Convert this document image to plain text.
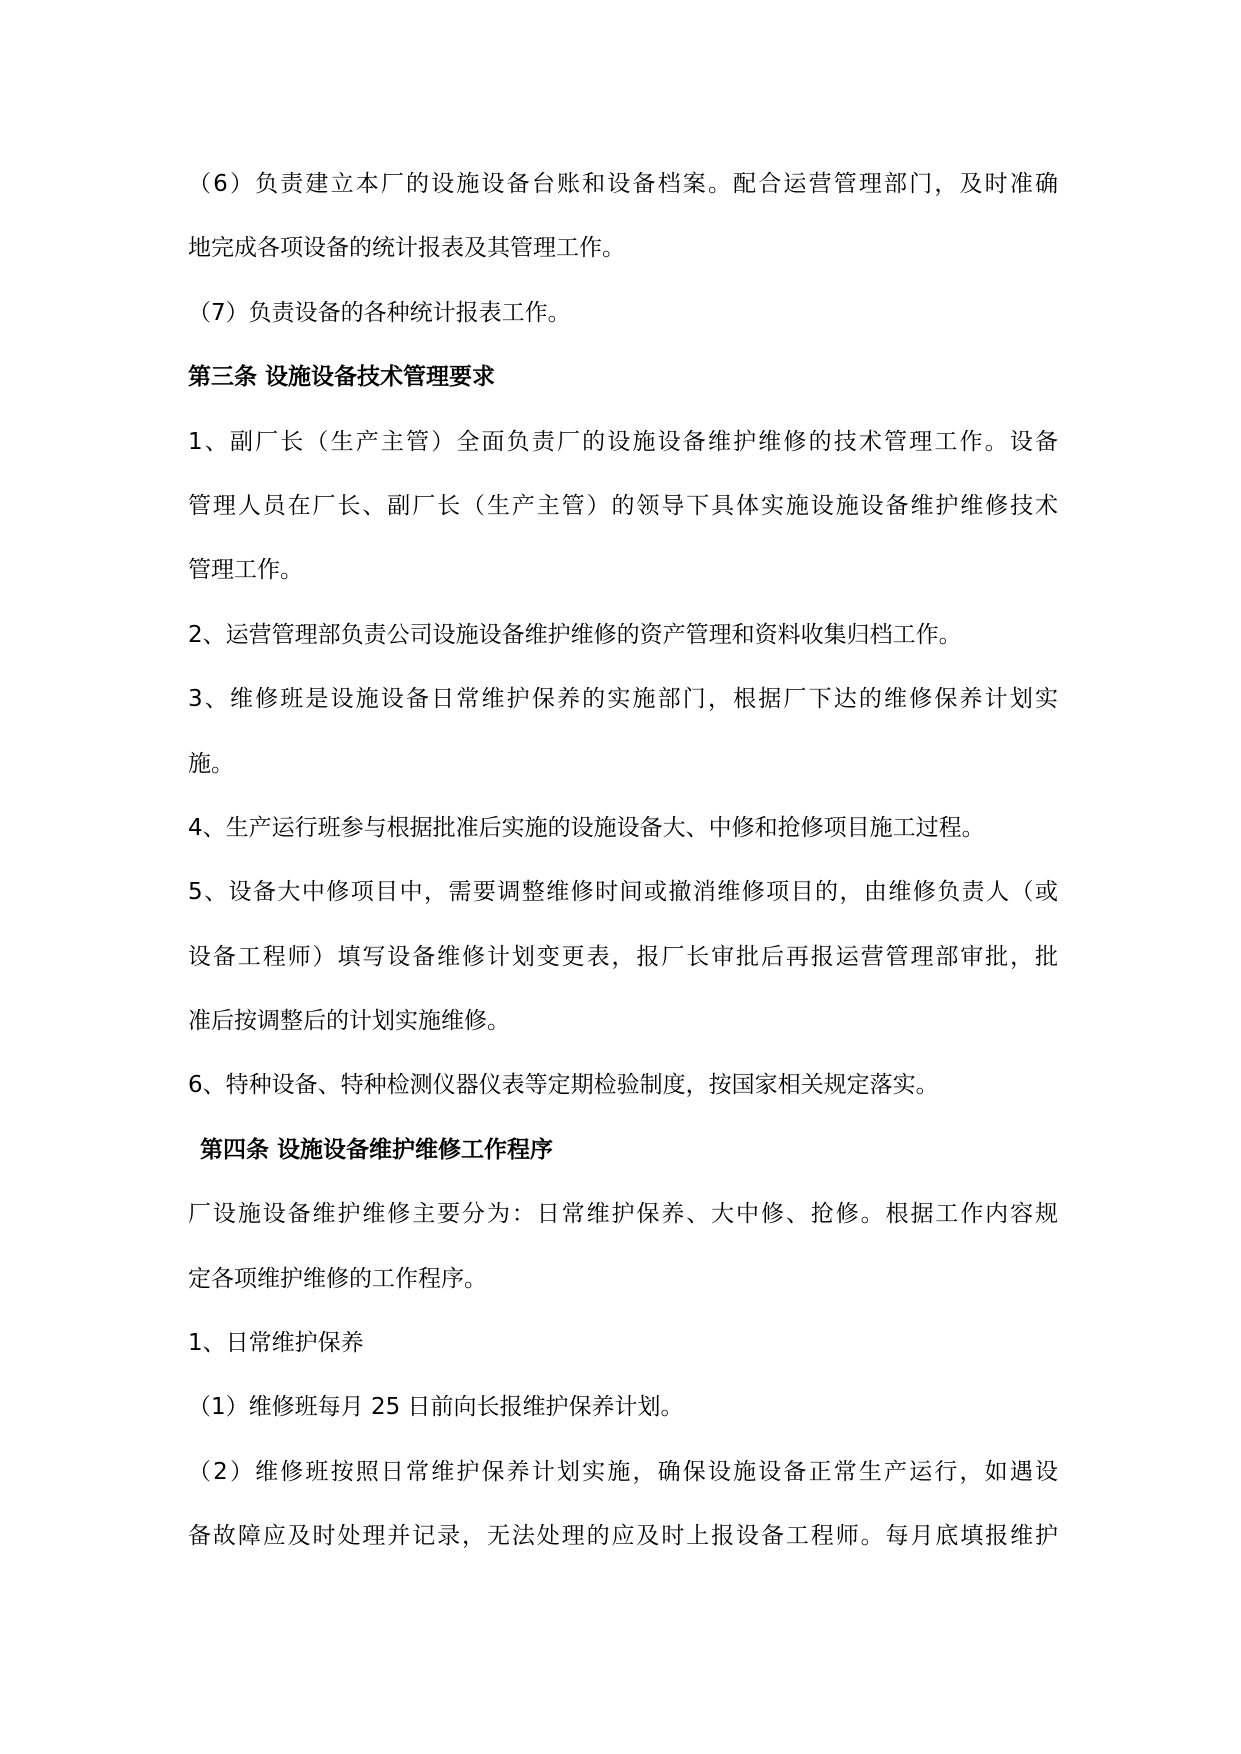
（6）负责建立本厂的设施设备台账和设备档案。配合运营管理部门，及时准确

地完成各项设备的统计报表及其管理工作。

（7）负责设备的各种统计报表工作。

第三条 设施设备技术管理要求

1、副厂长（生产主管）全面负责厂的设施设备维护维修的技术管理工作。设备

管理人员在厂长、副厂长（生产主管）的领导下具体实施设施设备维护维修技术

管理工作。

2、运营管理部负责公司设施设备维护维修的资产管理和资料收集归档工作。

3、维修班是设施设备日常维护保养的实施部门，根据厂下达的维修保养计划实

施。

4、生产运行班参与根据批准后实施的设施设备大、中修和抢修项目施工过程。

5、设备大中修项目中，需要调整维修时间或撤消维修项目的，由维修负责人（或

设备工程师）填写设备维修计划变更表，报厂长审批后再报运营管理部审批，批

准后按调整后的计划实施维修。

6、特种设备、特种检测仪器仪表等定期检验制度，按国家相关规定落实。

第四条 设施设备维护维修工作程序

厂设施设备维护维修主要分为：日常维护保养、大中修、抢修。根据工作内容规

定各项维护维修的工作程序。

1、日常维护保养

（1）维修班每月 25 日前向长报维护保养计划。

（2）维修班按照日常维护保养计划实施，确保设施设备正常生产运行，如遇设

备故障应及时处理并记录，无法处理的应及时上报设备工程师。每月底填报维护
